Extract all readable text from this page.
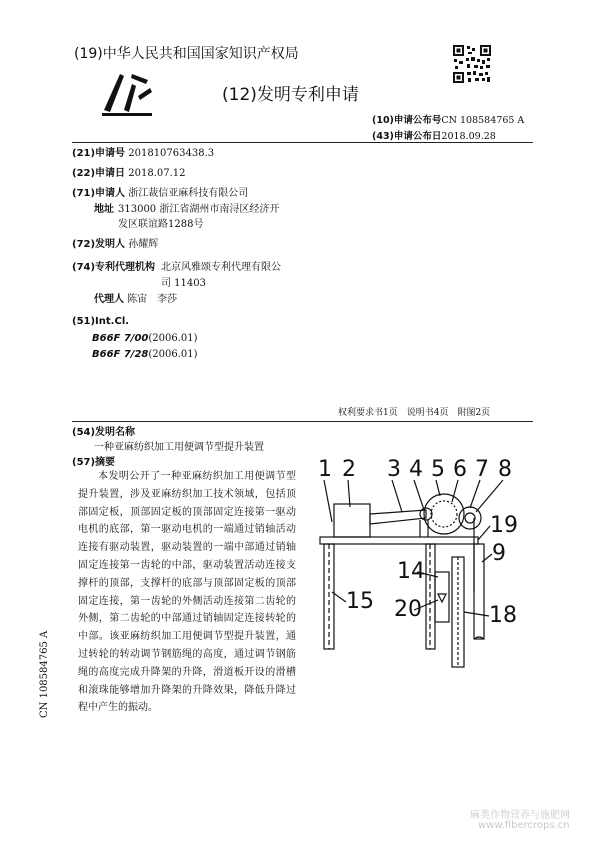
(19)中华人民共和国国家知识产权局
(12)发明专利申请
(10)申请公布号CN 108584765 A
(43)申请公布日2018.09.28
(21)申请号 201810763438.3
(22)申请日 2018.07.12
(71)申请人 浙江裁信亚麻科技有限公司
地址 313000 浙江省湖州市南浔区经济开
发区联谊路1288号
(72)发明人 孙耀辉
(74)专利代理机构 北京风雅颂专利代理有限公
司 11403
代理人 陈宙　李莎
(51)Int.Cl.
B66F 7/00(2006.01)
B66F 7/28(2006.01)
权利要求书1页　说明书4页　附图2页
(54)发明名称
一种亚麻纺织加工用便调节型提升装置
(57)摘要
本发明公开了一种亚麻纺织加工用便调节型提升装置，涉及亚麻纺织加工技术领域，包括顶部固定板，顶部固定板的顶部固定连接第一驱动电机的底部，第一驱动电机的一端通过销轴活动连接有驱动装置，驱动装置的一端中部通过销轴固定连接第一齿轮的中部，驱动装置活动连接支撑杆的顶部，支撑杆的底部与顶部固定板的顶部固定连接，第一齿轮的外侧活动连接第二齿轮的外侧，第二齿轮的中部通过销轴固定连接转轮的中部。该亚麻纺织加工用便调节型提升装置，通过转轮的转动调节钢筋绳的高度，通过调节钢筋绳的高度完成升降架的升降，滑道板开设的滑槽和滚珠能够增加升降架的升降效果，降低升降过程中产生的振动。
1 2 3 4 5 6 7 8
19
9
14
15 20	18
CN 108584765 A
麻类作物营养与施肥网
www.fibercrops.cn
